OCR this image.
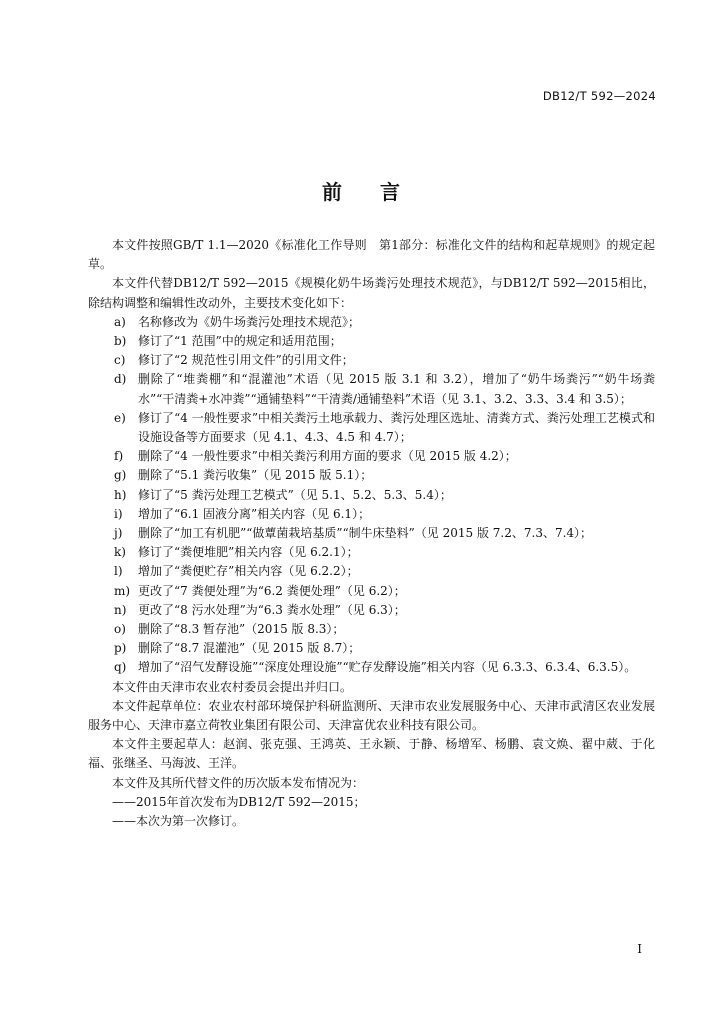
DB12/T 592—2024
前 言

本文件按照GB/T 1.1—2020《标准化工作导则　第1部分：标准化文件的结构和起草规则》的规定起草。

本文件代替DB12/T 592—2015《规模化奶牛场粪污处理技术规范》，与DB12/T 592—2015相比，除结构调整和编辑性改动外，主要技术变化如下：

a)	名称修改为《奶牛场粪污处理技术规范》；
b) 修订了“1 范围”中的规定和适用范围；
c)	修订了“2 规范性引用文件”的引用文件；
d) 删除了“堆粪棚”和“混灌池”术语（见 2015 版 3.1 和 3.2），增加了“奶牛场粪污”“奶牛场粪水”“干清粪+水冲粪”“通铺垫料”“干清粪/通铺垫料”术语（见 3.1、3.2、3.3、3.4 和 3.5）；
e)	修订了“4 一般性要求”中相关粪污土地承载力、粪污处理区选址、清粪方式、粪污处理工艺模式和设施设备等方面要求（见 4.1、4.3、4.5 和 4.7）；
f)	删除了“4 一般性要求”中相关粪污利用方面的要求（见 2015 版 4.2）；
g) 删除了“5.1 粪污收集”（见 2015 版 5.1）；
h) 修订了“5 粪污处理工艺模式”（见 5.1、5.2、5.3、5.4）；
i)	增加了“6.1 固液分离”相关内容（见 6.1）；
j)	删除了“加工有机肥”“做蕈菌栽培基质”“制牛床垫料”（见 2015 版 7.2、7.3、7.4）；
k)	修订了“粪便堆肥”相关内容（见 6.2.1）；
l)	增加了“粪便贮存”相关内容（见 6.2.2）；
m) 更改了“7 粪便处理”为“6.2 粪便处理”（见 6.2）；
n) 更改了“8 污水处理”为“6.3 粪水处理”（见 6.3）；
o)	删除了“8.3 暂存池”（2015 版 8.3）；
p) 删除了“8.7 混灌池”（见 2015 版 8.7）；
q) 增加了“沼气发酵设施”“深度处理设施”“贮存发酵设施”相关内容（见 6.3.3、6.3.4、6.3.5）。

本文件由天津市农业农村委员会提出并归口。

本文件起草单位：农业农村部环境保护科研监测所、天津市农业发展服务中心、天津市武清区农业发展服务中心、天津市嘉立荷牧业集团有限公司、天津富优农业科技有限公司。

本文件主要起草人：赵润、张克强、王鸿英、王永颖、于静、杨增军、杨鹏、袁文焕、翟中葳、于化福、张继圣、马海波、王洋。

本文件及其所代替文件的历次版本发布情况为：

——2015年首次发布为DB12/T 592—2015；

——本次为第一次修订。

I
